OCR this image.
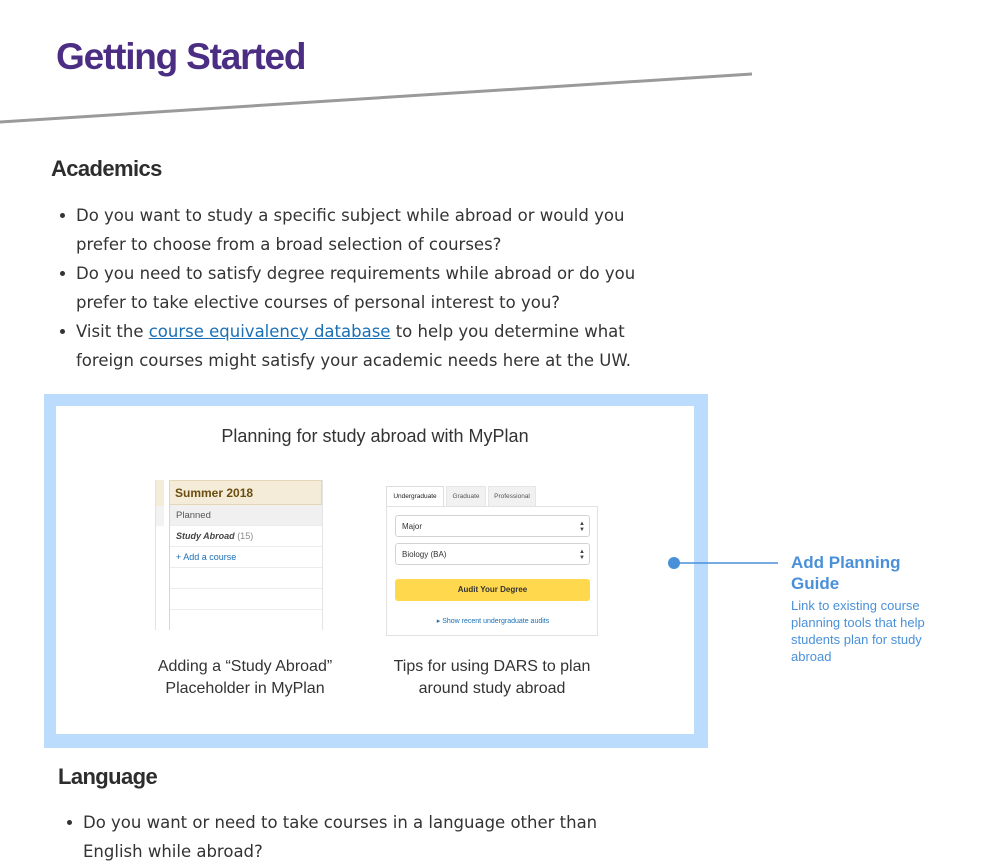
Getting Started
Academics
Do you want to study a specific subject while abroad or would you prefer to choose from a broad selection of courses?
Do you need to satisfy degree requirements while abroad or do you prefer to take elective courses of personal interest to you?
Visit the course equivalency database to help you determine what foreign courses might satisfy your academic needs here at the UW.
Planning for study abroad with MyPlan
Summer 2018
Planned
Study Abroad (15)
+ Add a course
Undergraduate	Graduate	Professional
Major	▲
▼
Biology (BA)	▲
▼
Audit Your Degree
▸ Show recent undergraduate audits
Adding a “Study Abroad” Placeholder in MyPlan
Tips for using DARS to plan around study abroad
Add Planning Guide
Link to existing course planning tools that help students plan for study abroad
Language
Do you want or need to take courses in a language other than English while abroad?
